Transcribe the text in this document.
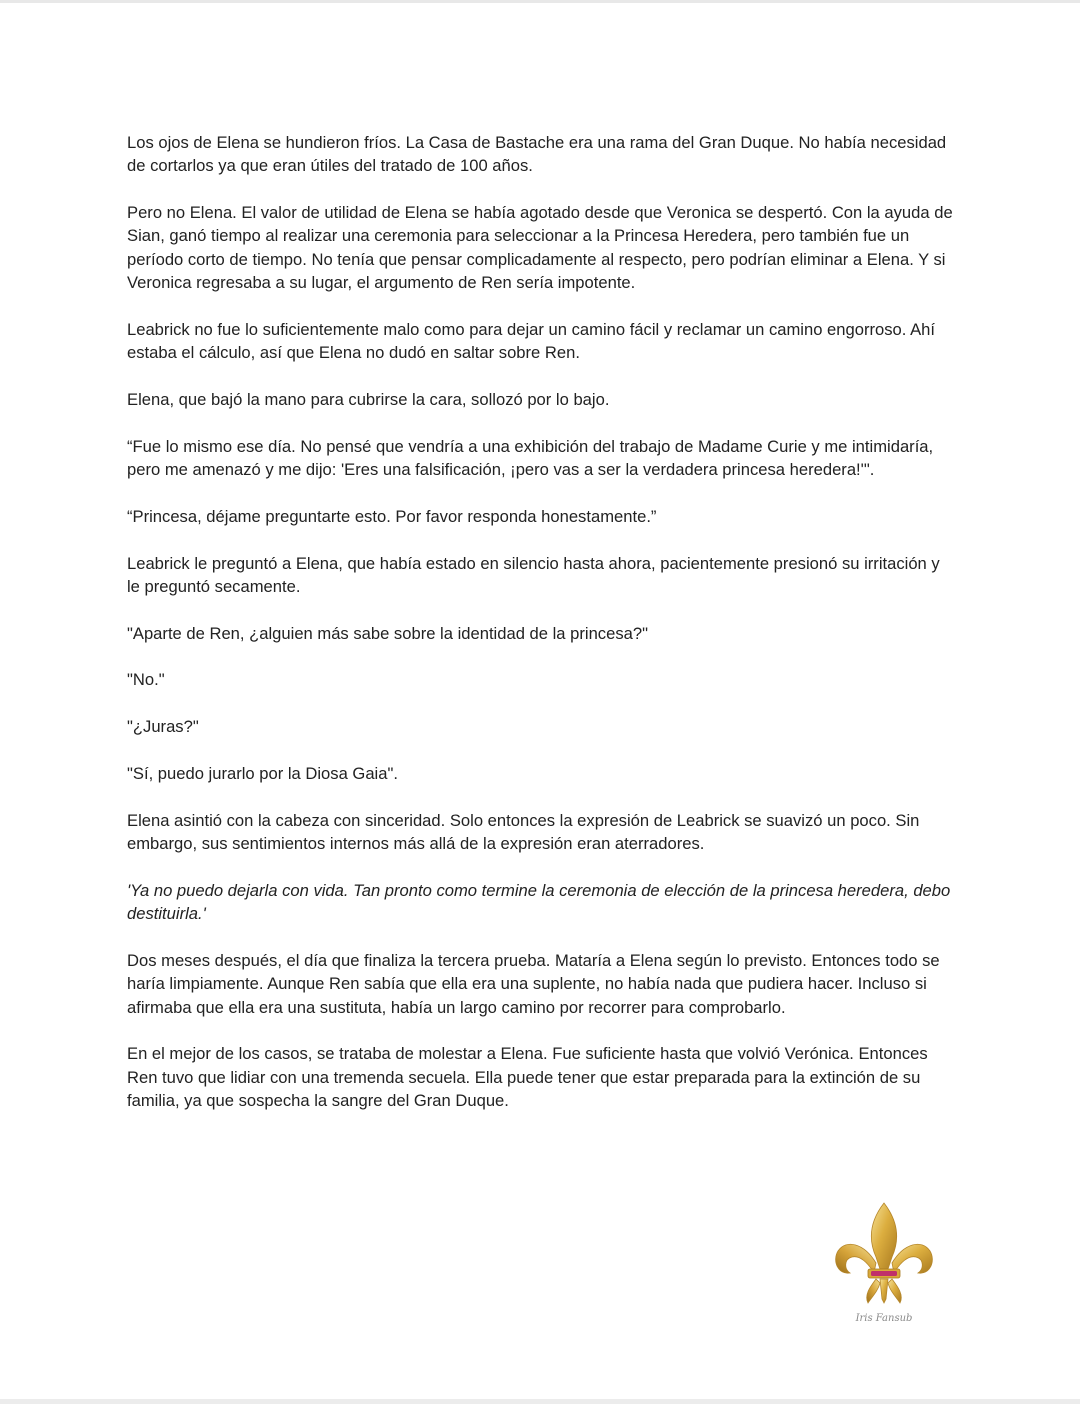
Los ojos de Elena se hundieron fríos. La Casa de Bastache era una rama del Gran Duque. No había necesidad de cortarlos ya que eran útiles del tratado de 100 años.

Pero no Elena. El valor de utilidad de Elena se había agotado desde que Veronica se despertó. Con la ayuda de Sian, ganó tiempo al realizar una ceremonia para seleccionar a la Princesa Heredera, pero también fue un período corto de tiempo. No tenía que pensar complicadamente al respecto, pero podrían eliminar a Elena. Y si Veronica regresaba a su lugar, el argumento de Ren sería impotente.

Leabrick no fue lo suficientemente malo como para dejar un camino fácil y reclamar un camino engorroso. Ahí estaba el cálculo, así que Elena no dudó en saltar sobre Ren.

Elena, que bajó la mano para cubrirse la cara, sollozó por lo bajo.

“Fue lo mismo ese día. No pensé que vendría a una exhibición del trabajo de Madame Curie y me intimidaría, pero me amenazó y me dijo: 'Eres una falsificación, ¡pero vas a ser la verdadera princesa heredera!'".

“Princesa, déjame preguntarte esto. Por favor responda honestamente.”

Leabrick le preguntó a Elena, que había estado en silencio hasta ahora, pacientemente presionó su irritación y le preguntó secamente.

"Aparte de Ren, ¿alguien más sabe sobre la identidad de la princesa?"

"No."

"¿Juras?"

"Sí, puedo jurarlo por la Diosa Gaia".

Elena asintió con la cabeza con sinceridad. Solo entonces la expresión de Leabrick se suavizó un poco. Sin embargo, sus sentimientos internos más allá de la expresión eran aterradores.

'Ya no puedo dejarla con vida. Tan pronto como termine la ceremonia de elección de la princesa heredera, debo destituirla.'

Dos meses después, el día que finaliza la tercera prueba. Mataría a Elena según lo previsto. Entonces todo se haría limpiamente. Aunque Ren sabía que ella era una suplente, no había nada que pudiera hacer. Incluso si afirmaba que ella era una sustituta, había un largo camino por recorrer para comprobarlo.

En el mejor de los casos, se trataba de molestar a Elena. Fue suficiente hasta que volvió Verónica. Entonces Ren tuvo que lidiar con una tremenda secuela. Ella puede tener que estar preparada para la extinción de su familia, ya que sospecha la sangre del Gran Duque.

Iris Fansub
